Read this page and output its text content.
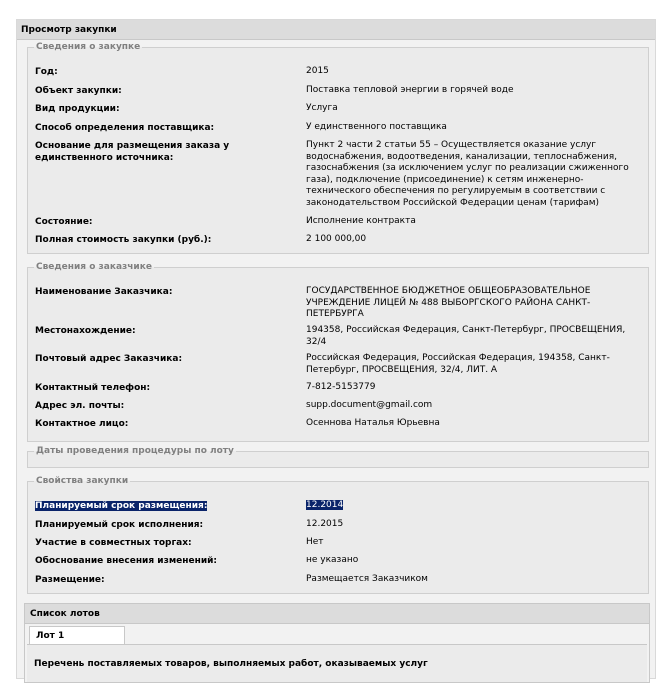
Просмотр закупки
Сведения о закупке
Год:	2015
Объект закупки:	Поставка тепловой энергии в горячей воде
Вид продукции:	Услуга
Способ определения поставщика:	У единственного поставщика
Основание для размещения заказа у единственного источника:
Пункт 2 части 2 статьи 55 – Осуществляется оказание услуг водоснабжения, водоотведения, канализации, теплоснабжения, газоснабжения (за исключением услуг по реализации сжиженного газа), подключение (присоединение) к сетям инженерно-технического обеспечения по регулируемым в соответствии с законодательством Российской Федерации ценам (тарифам)
Состояние:	Исполнение контракта
Полная стоимость закупки (руб.):	2 100 000,00
Сведения о заказчике
Наименование Заказчика:	ГОСУДАРСТВЕННОЕ БЮДЖЕТНОЕ ОБЩЕОБРАЗОВАТЕЛЬНОЕ УЧРЕЖДЕНИЕ ЛИЦЕЙ № 488 ВЫБОРГСКОГО РАЙОНА САНКТ-ПЕТЕРБУРГА
Местонахождение:	194358, Российская Федерация, Санкт-Петербург, ПРОСВЕЩЕНИЯ, 32/4
Почтовый адрес Заказчика:	Российская Федерация, Российская Федерация, 194358, Санкт-Петербург, ПРОСВЕЩЕНИЯ, 32/4, ЛИТ. А
Контактный телефон:	7-812-5153779
Адрес эл. почты:	supp.document@gmail.com
Контактное лицо:	Осеннова Наталья Юрьевна
Даты проведения процедуры по лоту
Свойства закупки
Планируемый срок размещения:	12.2014
Планируемый срок исполнения:	12.2015
Участие в совместных торгах:	Нет
Обоснование внесения изменений:	не указано
Размещение:	Размещается Заказчиком
Список лотов
Лот 1
Перечень поставляемых товаров, выполняемых работ, оказываемых услуг
